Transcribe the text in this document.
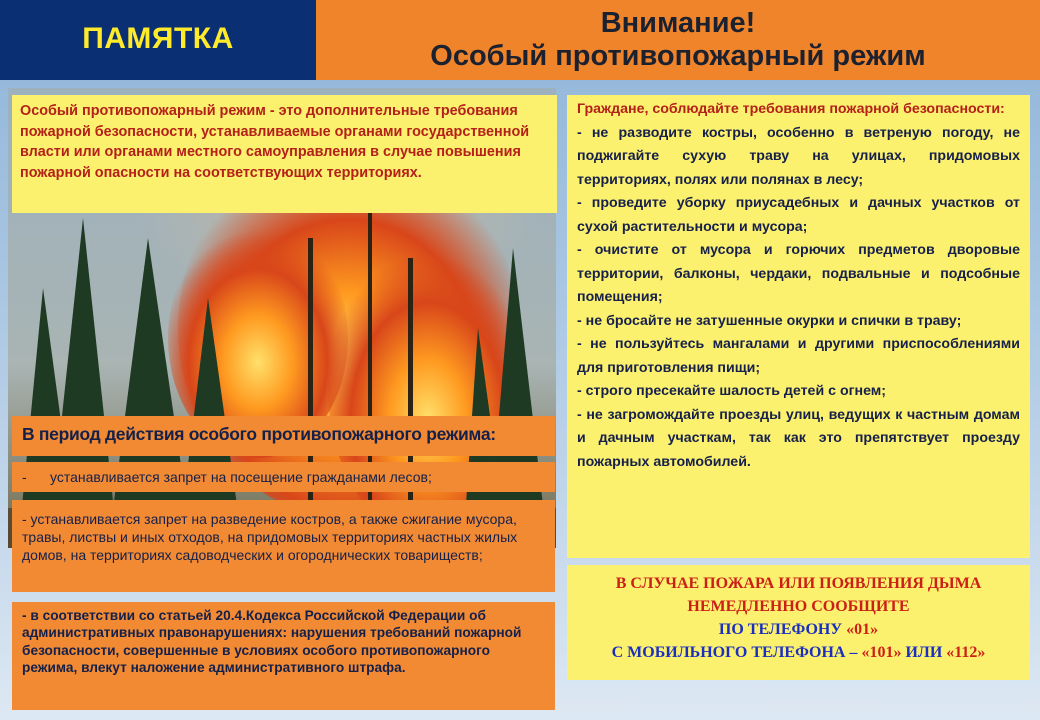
ПАМЯТКА	Внимание!
Особый противопожарный режим
Особый противопожарный режим - это дополнительные требования пожарной безопасности, устанавливаемые органами государственной власти или органами местного самоуправления в случае повышения пожарной опасности на соответствующих территориях.
В период действия особого противопожарного режима:
- устанавливается запрет на посещение гражданами лесов;
- устанавливается запрет на разведение костров, а также сжигание мусора, травы, листвы и иных отходов, на придомовых территориях частных жилых домов, на территориях садоводческих и огороднических товариществ;
- в соответствии со статьей 20.4.Кодекса Российской Федерации об административных правонарушениях: нарушения требований пожарной безопасности, совершенные в условиях особого противопожарного режима, влекут наложение административного штрафа.

Граждане, соблюдайте требования пожарной безопасности:

- не разводите костры, особенно в ветреную погоду, не поджигайте сухую траву на улицах, придомовых территориях, полях или полянах в лесу;

- проведите уборку приусадебных и дачных участков от сухой растительности и мусора;

- очистите от мусора и горючих предметов дворовые территории, балконы, чердаки, подвальные и подсобные помещения;

- не бросайте не затушенные окурки и спички в траву;

- не пользуйтесь мангалами и другими приспособлениями для приготовления пищи;

- строго пресекайте шалость детей с огнем;

- не загромождайте проезды улиц, ведущих к частным домам и дачным участкам, так как это препятствует проезду пожарных автомобилей.

В СЛУЧАЕ ПОЖАРА ИЛИ ПОЯВЛЕНИЯ ДЫМА
НЕМЕДЛЕННО СООБЩИТЕ
ПО ТЕЛЕФОНУ «01»
С МОБИЛЬНОГО ТЕЛЕФОНА – «101» ИЛИ «112»
